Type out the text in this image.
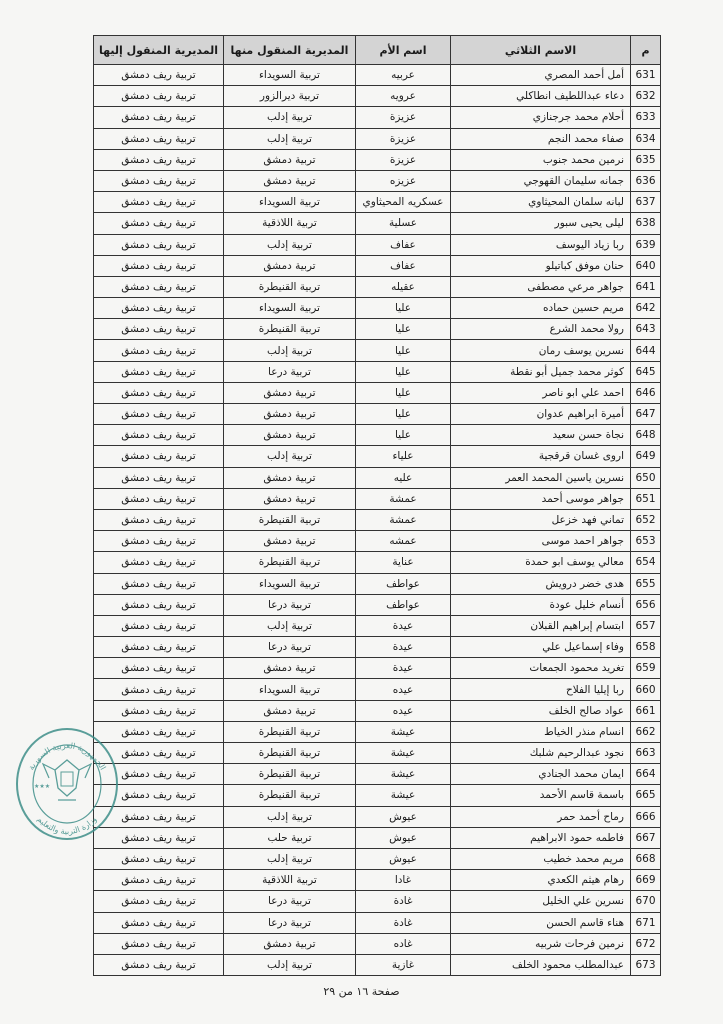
م	الاسم الثلاثي	اسم الأم	المديرية المنقول منها	المديرية المنقول إليها
631	أمل أحمد المصري	عربيه	تربية السويداء	تربية ريف دمشق
632	دعاء عبداللطيف انطاكلي	عرويه	تربية ديرالزور	تربية ريف دمشق
633	أحلام محمد جرجنازي	عزيزة	تربية إدلب	تربية ريف دمشق
634	صفاء محمد النجم	عزيزة	تربية إدلب	تربية ريف دمشق
635	نرمين محمد جنوب	عزيزة	تربية دمشق	تربية ريف دمشق
636	جمانه سليمان القهوجي	عزيزه	تربية دمشق	تربية ريف دمشق
637	لبانه سلمان المحيثاوي	عسكريه المحيثاوي	تربية السويداء	تربية ريف دمشق
638	ليلى يحيى سبور	عسلية	تربية اللاذقية	تربية ريف دمشق
639	ربا زياد اليوسف	عفاف	تربية إدلب	تربية ريف دمشق
640	حنان موفق كباتيلو	عفاف	تربية دمشق	تربية ريف دمشق
641	جواهر مرعي مصطفى	عقيله	تربية القنيطرة	تربية ريف دمشق
642	مريم حسين حماده	عليا	تربية السويداء	تربية ريف دمشق
643	رولا محمد الشرع	عليا	تربية القنيطرة	تربية ريف دمشق
644	نسرين يوسف رمان	عليا	تربية إدلب	تربية ريف دمشق
645	كوثر محمد جميل أبو نقطة	عليا	تربية درعا	تربية ريف دمشق
646	احمد علي ابو ناصر	عليا	تربية دمشق	تربية ريف دمشق
647	أميرة ابراهيم عدوان	عليا	تربية دمشق	تربية ريف دمشق
648	نجاة حسن سعيد	عليا	تربية دمشق	تربية ريف دمشق
649	اروى غسان قرقجية	علياء	تربية إدلب	تربية ريف دمشق
650	نسرين ياسين المحمد العمر	عليه	تربية دمشق	تربية ريف دمشق
651	جواهر موسى أحمد	عمشة	تربية دمشق	تربية ريف دمشق
652	تماني فهد خزعل	عمشة	تربية القنيطرة	تربية ريف دمشق
653	جواهر احمد موسى	عمشه	تربية دمشق	تربية ريف دمشق
654	معالي يوسف ابو حمدة	عناية	تربية القنيطرة	تربية ريف دمشق
655	هدى خضر درويش	عواطف	تربية السويداء	تربية ريف دمشق
656	أنسام خليل عودة	عواطف	تربية درعا	تربية ريف دمشق
657	ابتسام إبراهيم القبلان	عيدة	تربية إدلب	تربية ريف دمشق
658	وفاء إسماعيل علي	عيدة	تربية درعا	تربية ريف دمشق
659	تغريد محمود الجمعات	عيدة	تربية دمشق	تربية ريف دمشق
660	ربا إيليا الفلاح	عيده	تربية السويداء	تربية ريف دمشق
661	عواد صالح الخلف	عيده	تربية دمشق	تربية ريف دمشق
662	انسام منذر الخياط	عيشة	تربية القنيطرة	تربية ريف دمشق
663	نجود عبدالرحيم شلبك	عيشة	تربية القنيطرة	تربية ريف دمشق
664	ايمان محمد الجنادي	عيشة	تربية القنيطرة	تربية ريف دمشق
665	باسمة قاسم الأحمد	عيشة	تربية القنيطرة	تربية ريف دمشق
666	رماح أحمد حمر	عيوش	تربية إدلب	تربية ريف دمشق
667	فاطمه حمود الابراهيم	عيوش	تربية حلب	تربية ريف دمشق
668	مريم محمد خطيب	عيوش	تربية إدلب	تربية ريف دمشق
669	رهام هيثم الكعدي	غادا	تربية اللاذقية	تربية ريف دمشق
670	نسرين علي الخليل	غادة	تربية درعا	تربية ريف دمشق
671	هناء قاسم الحسن	غادة	تربية درعا	تربية ريف دمشق
672	نرمين فرحات شربيه	غاده	تربية دمشق	تربية ريف دمشق
673	عبدالمطلب محمود الخلف	غازية	تربية إدلب	تربية ريف دمشق
الجمهورية العربية السورية
وزارة التربية والتعليم
★★★
صفحة ١٦ من ٢٩
